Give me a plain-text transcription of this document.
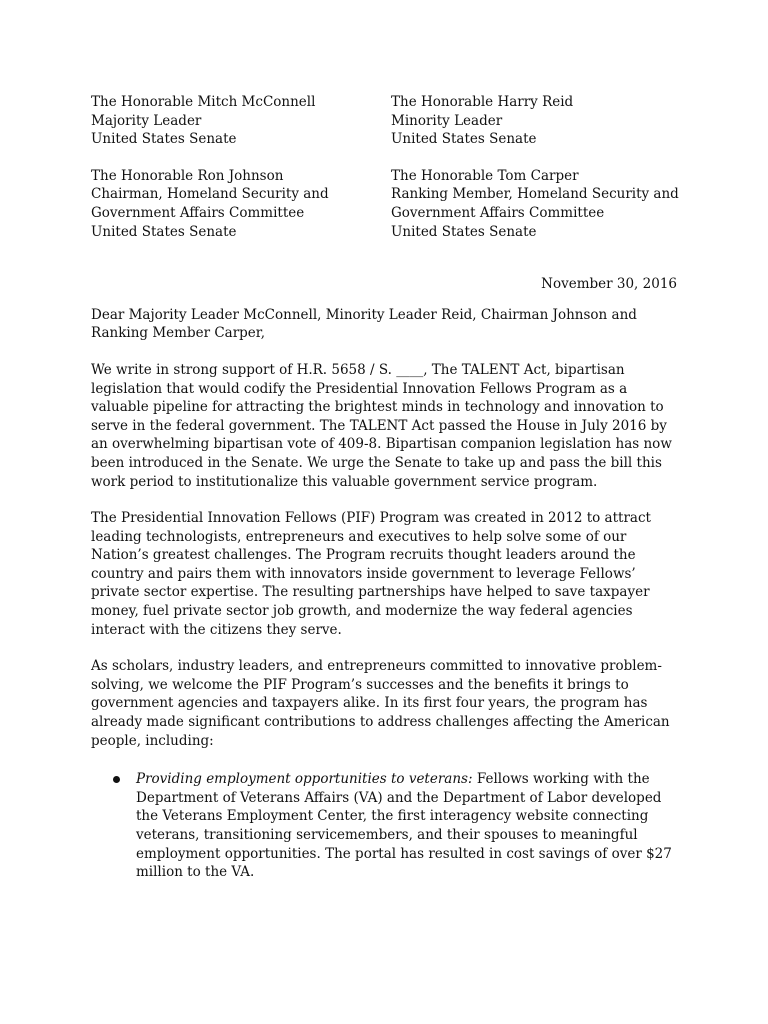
The Honorable Mitch McConnell
Majority Leader
United States Senate
The Honorable Harry Reid
Minority Leader
United States Senate
The Honorable Ron Johnson
Chairman, Homeland Security and
Government Affairs Committee
United States Senate
The Honorable Tom Carper
Ranking Member, Homeland Security and
Government Affairs Committee
United States Senate
November 30, 2016
Dear Majority Leader McConnell, Minority Leader Reid, Chairman Johnson and Ranking Member Carper,

We write in strong support of H.R. 5658 / S. ____, The TALENT Act, bipartisan legislation that would codify the Presidential Innovation Fellows Program as a valuable pipeline for attracting the brightest minds in technology and innovation to serve in the federal government. The TALENT Act passed the House in July 2016 by an overwhelming bipartisan vote of 409-8. Bipartisan companion legislation has now been introduced in the Senate. We urge the Senate to take up and pass the bill this work period to institutionalize this valuable government service program.

The Presidential Innovation Fellows (PIF) Program was created in 2012 to attract leading technologists, entrepreneurs and executives to help solve some of our Nation’s greatest challenges. The Program recruits thought leaders around the country and pairs them with innovators inside government to leverage Fellows’ private sector expertise. The resulting partnerships have helped to save taxpayer money, fuel private sector job growth, and modernize the way federal agencies interact with the citizens they serve.

As scholars, industry leaders, and entrepreneurs committed to innovative problem-solving, we welcome the PIF Program’s successes and the benefits it brings to government agencies and taxpayers alike. In its first four years, the program has already made significant contributions to address challenges affecting the American people, including:

Providing employment opportunities to veterans: Fellows working with the Department of Veterans Affairs (VA) and the Department of Labor developed the Veterans Employment Center, the first interagency website connecting veterans, transitioning servicemembers, and their spouses to meaningful employment opportunities. The portal has resulted in cost savings of over $27 million to the VA.
